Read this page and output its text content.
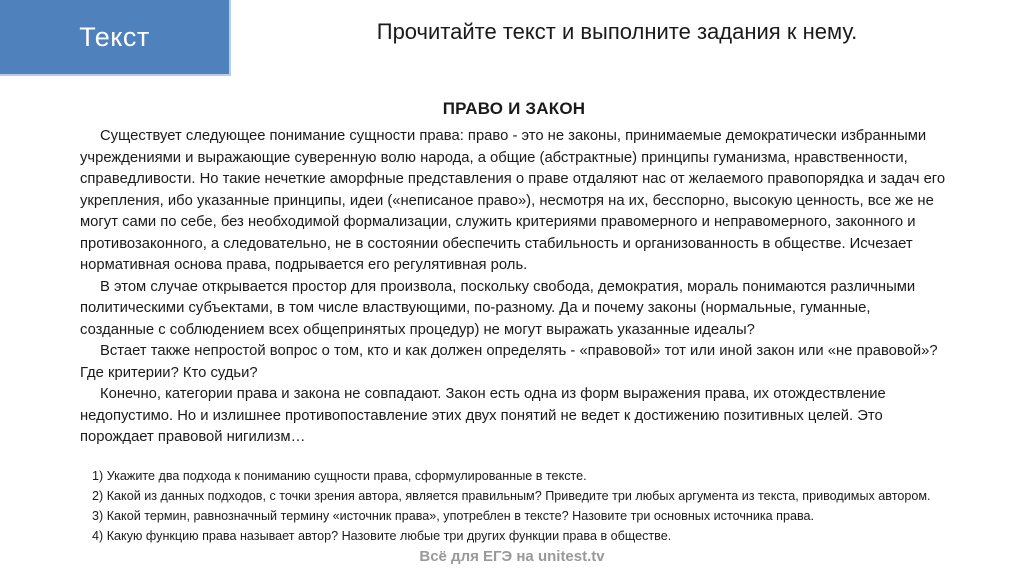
Текст	Прочитайте текст и выполните задания к нему.
ПРАВО И ЗАКОН

Существует следующее понимание сущности права: право - это не законы, принимаемые демократически избранными учреждениями и выражающие суверенную волю народа, а общие (абстрактные) принципы гуманизма, нравственности, справедливости. Но такие нечеткие аморфные представления о праве отдаляют нас от желаемого правопорядка и задач его укрепления, ибо указанные принципы, идеи («неписаное право»), несмотря на их, бесспорно, высокую ценность, все же не могут сами по себе, без необходимой формализации, служить критериями правомерного и неправомерного, законного и противозаконного, а следовательно, не в состоянии обеспечить стабильность и организованность в обществе. Исчезает нормативная основа права, подрывается его регулятивная роль.

В этом случае открывается простор для произвола, поскольку свобода, демократия, мораль понимаются различными политическими субъектами, в том числе властвующими, по-разному. Да и почему законы (нормальные, гуманные, созданные с соблюдением всех общепринятых процедур) не могут выражать указанные идеалы?

Встает также непростой вопрос о том, кто и как должен определять - «правовой» тот или иной закон или «не правовой»? Где критерии? Кто судьи?

Конечно, категории права и закона не совпадают. Закон есть одна из форм выражения права, их отождествление недопустимо. Но и излишнее противопоставление этих двух понятий не ведет к достижению позитивных целей. Это порождает правовой нигилизм…

1) Укажите два подхода к пониманию сущности права, сформулированные в тексте.

2) Какой из данных подходов, с точки зрения автора, является правильным? Приведите три любых аргумента из текста, приводимых автором.

3) Какой термин, равнозначный термину «источник права», употреблен в тексте? Назовите три основных источника права.

4) Какую функцию права называет автор? Назовите любые три других функции права в обществе.

Всё для ЕГЭ на unitest.tv
